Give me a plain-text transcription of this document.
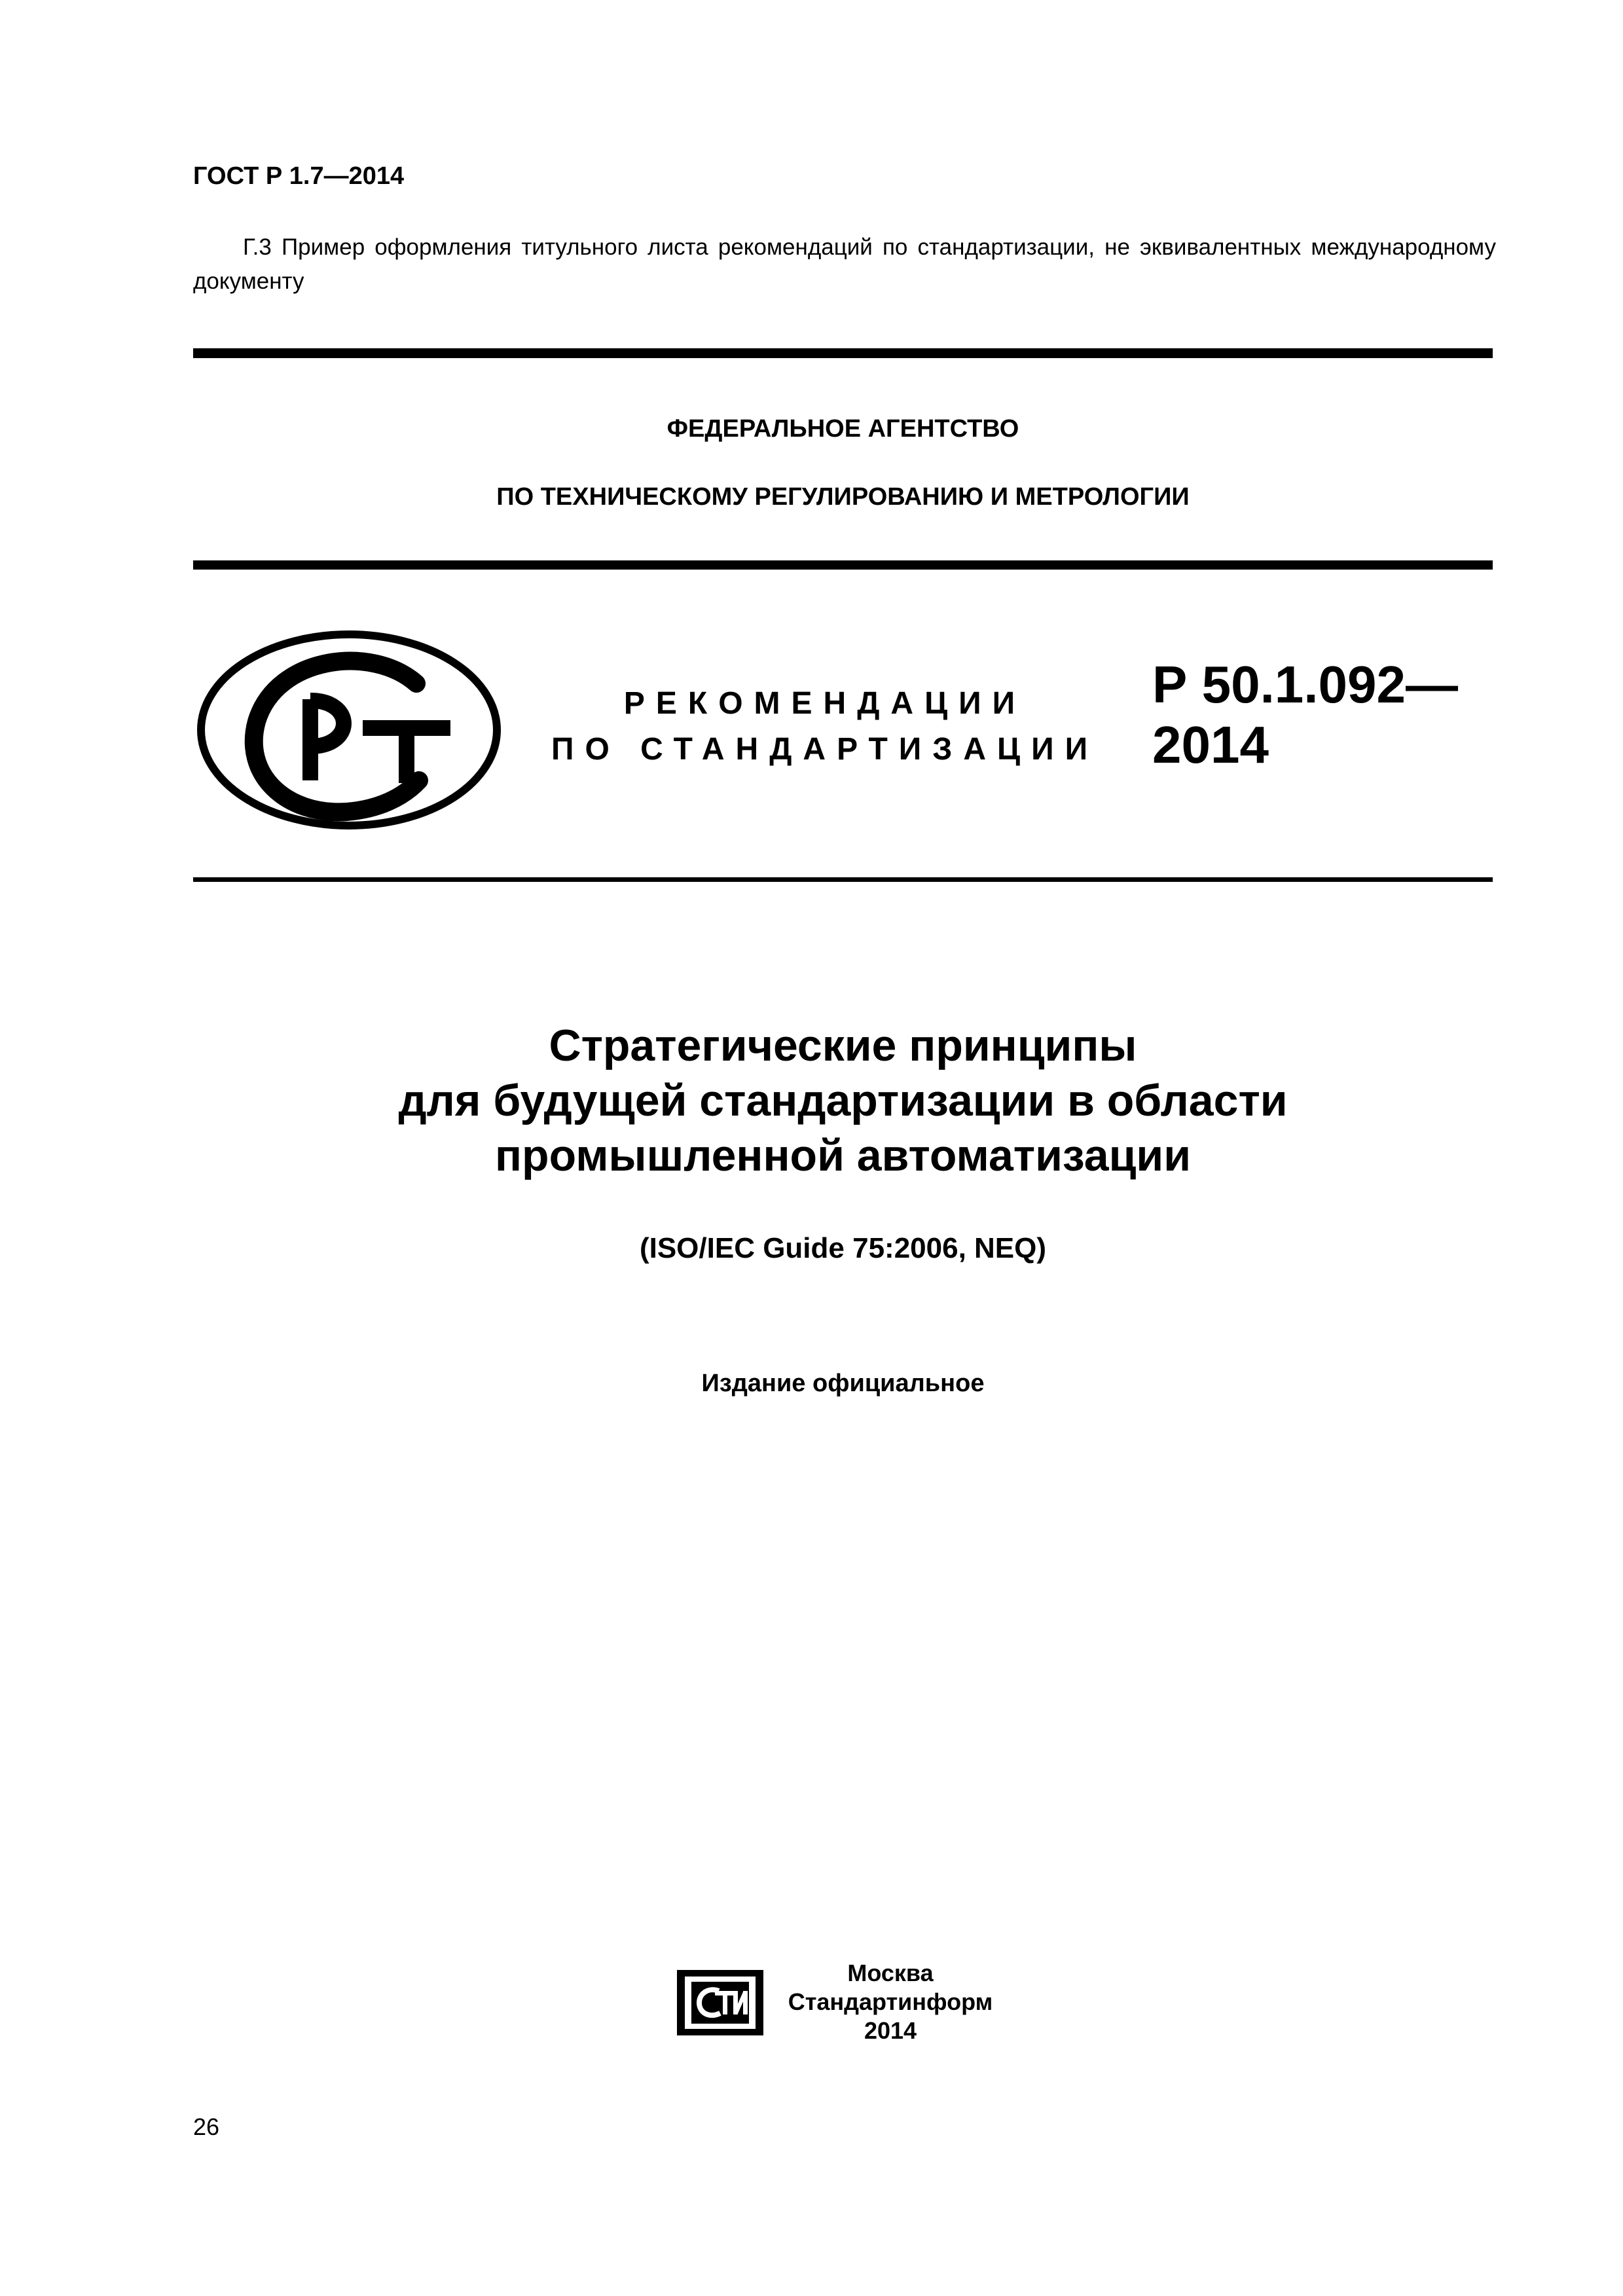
ГОСТ Р 1.7—2014
Г.3 Пример оформления титульного листа рекомендаций по стандартизации, не эквивалентных международному документу
ФЕДЕРАЛЬНОЕ АГЕНТСТВО
ПО ТЕХНИЧЕСКОМУ РЕГУЛИРОВАНИЮ И МЕТРОЛОГИИ
РСТ
РЕКОМЕНДАЦИИ
ПО СТАНДАРТИЗАЦИИ
Р 50.1.092—
2014
Стратегические принципы
для будущей стандартизации в области
промышленной автоматизации
(ISO/IEC Guide 75:2006, NEQ)
Издание официальное
СТИ	Москва
Стандартинформ
2014
26
